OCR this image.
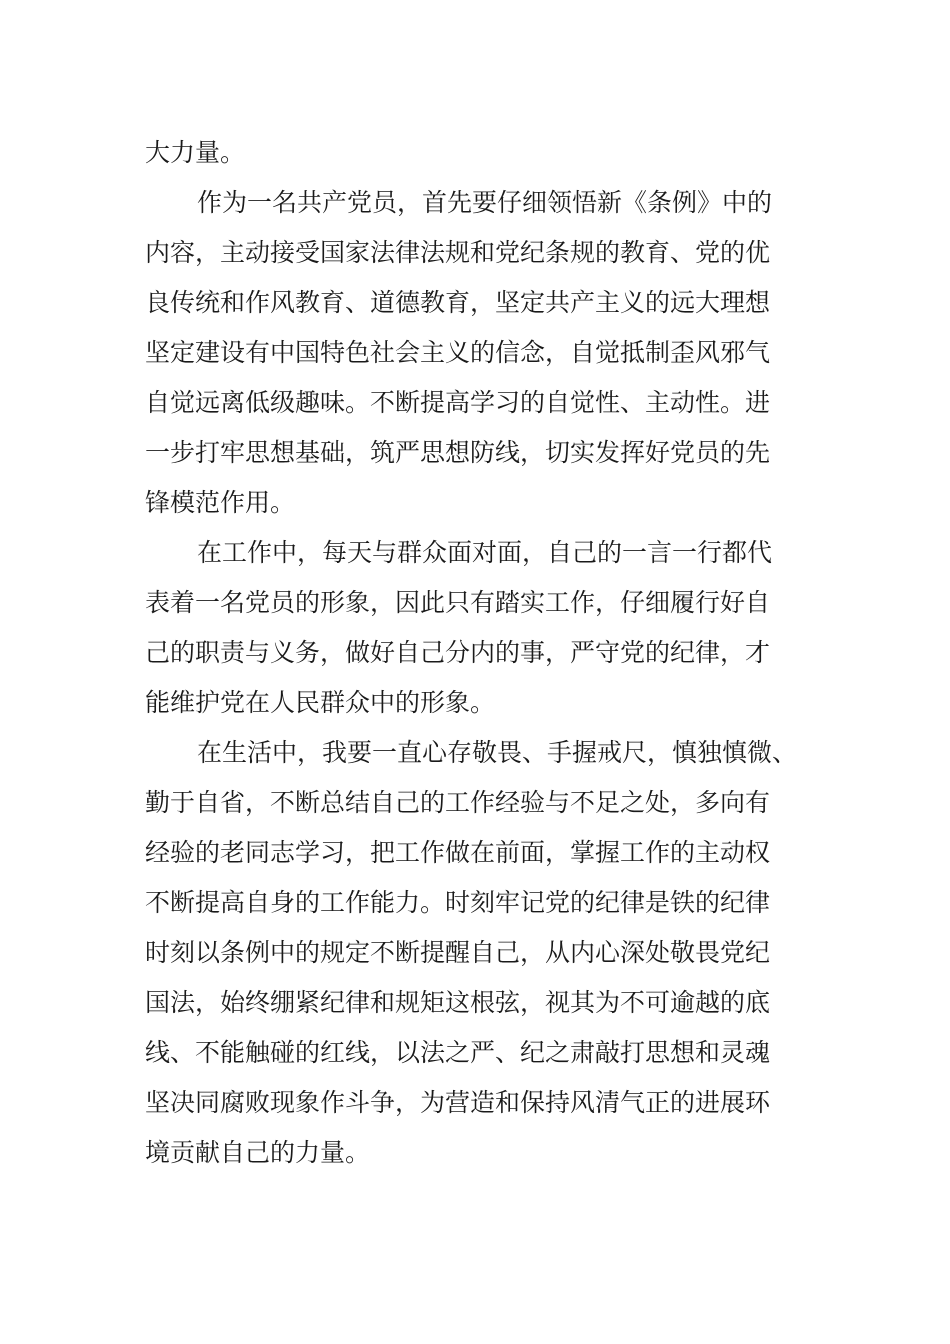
大力量。
作为一名共产党员，首先要仔细领悟新《条例》中的
内容，主动接受国家法律法规和党纪条规的教育、党的优
良传统和作风教育、道德教育，坚定共产主义的远大理想
坚定建设有中国特色社会主义的信念，自觉抵制歪风邪气
自觉远离低级趣味。不断提高学习的自觉性、主动性。进
一步打牢思想基础，筑严思想防线，切实发挥好党员的先
锋模范作用。
在工作中，每天与群众面对面，自己的一言一行都代
表着一名党员的形象，因此只有踏实工作，仔细履行好自
己的职责与义务，做好自己分内的事，严守党的纪律，才
能维护党在人民群众中的形象。
在生活中，我要一直心存敬畏、手握戒尺，慎独慎微、
勤于自省，不断总结自己的工作经验与不足之处，多向有
经验的老同志学习，把工作做在前面，掌握工作的主动权
不断提高自身的工作能力。时刻牢记党的纪律是铁的纪律
时刻以条例中的规定不断提醒自己，从内心深处敬畏党纪
国法，始终绷紧纪律和规矩这根弦，视其为不可逾越的底
线、不能触碰的红线，以法之严、纪之肃敲打思想和灵魂
坚决同腐败现象作斗争，为营造和保持风清气正的进展环
境贡献自己的力量。
